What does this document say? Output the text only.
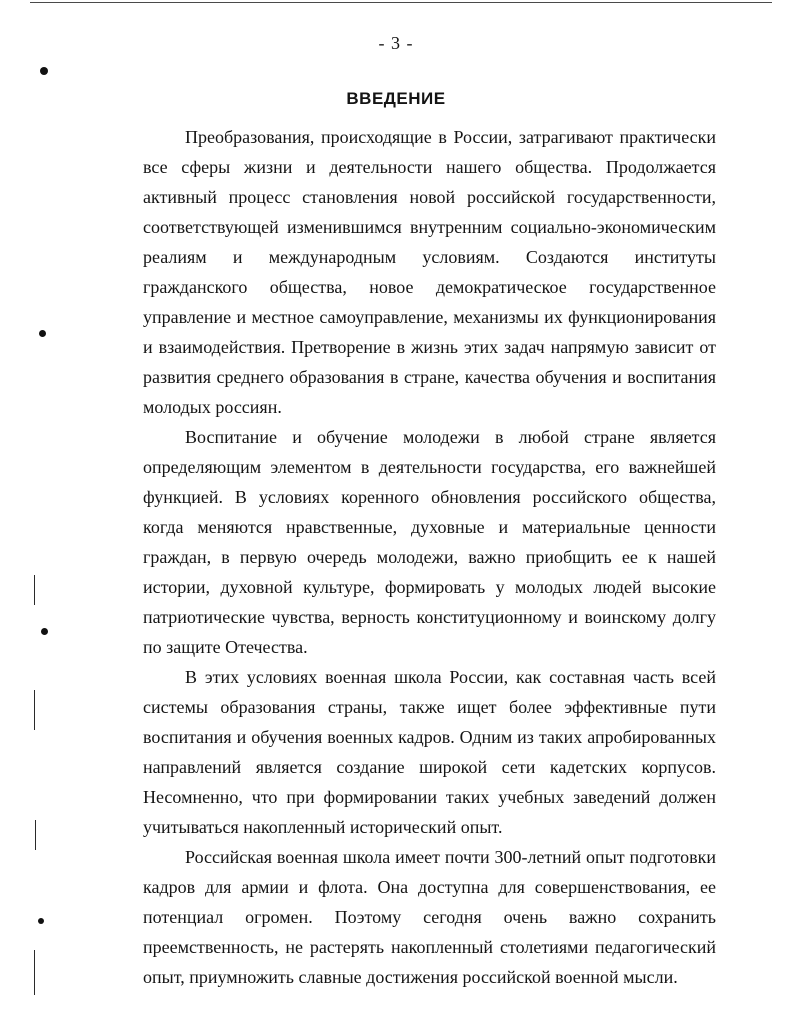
- 3 -
ВВЕДЕНИЕ

Преобразования, происходящие в России, затрагивают практически все сферы жизни и деятельности нашего общества. Продолжается активный процесс становления новой российской государственности, соответствующей изменившимся внутренним социально-экономическим реалиям и международным условиям. Создаются институты гражданского общества, новое демократическое государственное управление и местное самоуправление, механизмы их функционирования и взаимодействия. Претворение в жизнь этих задач напрямую зависит от развития среднего образования в стране, качества обучения и воспитания молодых россиян.

Воспитание и обучение молодежи в любой стране является определяющим элементом в деятельности государства, его важнейшей функцией. В условиях коренного обновления российского общества, когда меняются нравственные, духовные и материальные ценности граждан, в первую очередь молодежи, важно приобщить ее к нашей истории, духовной культуре, формировать у молодых людей высокие патриотические чувства, верность конституционному и воинскому долгу по защите Отечества.

В этих условиях военная школа России, как составная часть всей системы образования страны, также ищет более эффективные пути воспитания и обучения военных кадров. Одним из таких апробированных направлений является создание широкой сети кадетских корпусов. Несомненно, что при формировании таких учебных заведений должен учитываться накопленный исторический опыт.

Российская военная школа имеет почти 300-летний опыт подготовки кадров для армии и флота. Она доступна для совершенствования, ее потенциал огромен. Поэтому сегодня очень важно сохранить преемственность, не растерять накопленный столетиями педагогический опыт, приумножить славные достижения российской военной мысли.
